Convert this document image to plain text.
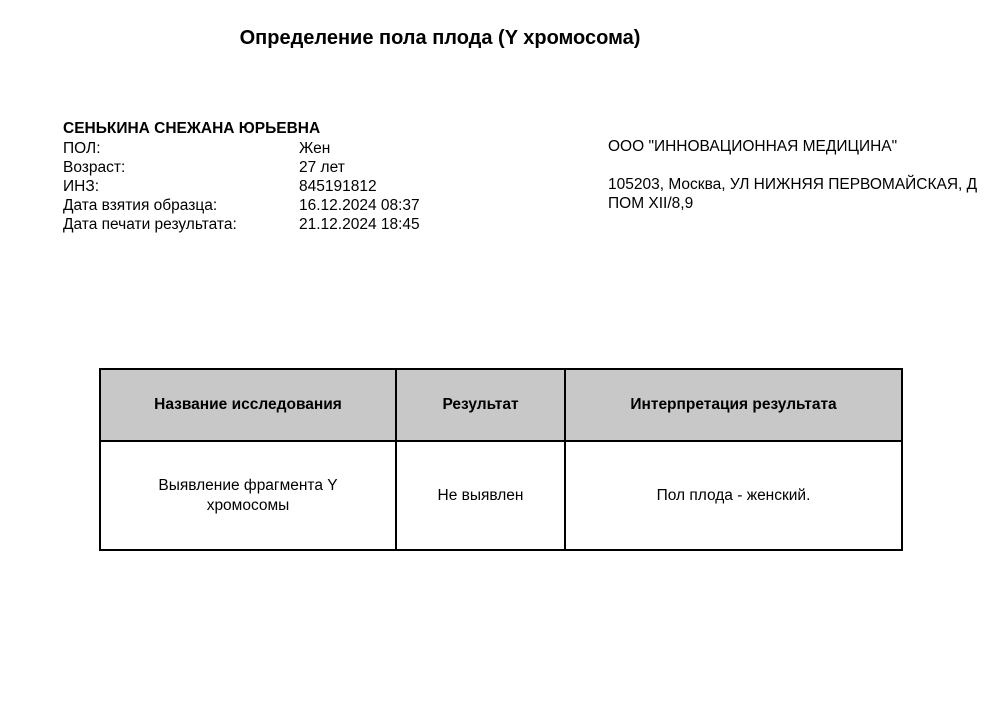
Определение пола плода (Y хромосома)
СЕНЬКИНА СНЕЖАНА ЮРЬЕВНА
ПОЛ:	Жен
Возраст:	27 лет
ИНЗ:	845191812
Дата взятия образца:	16.12.2024 08:37
Дата печати результата:	21.12.2024 18:45
ООО "ИННОВАЦИОННАЯ МЕДИЦИНА"
105203, Москва, УЛ НИЖНЯЯ ПЕРВОМАЙСКАЯ, Д
ПОМ XII/8,9
Название исследования	Результат	Интерпретация результата
Выявление фрагмента Y хромосомы	Не выявлен	Пол плода - женский.
